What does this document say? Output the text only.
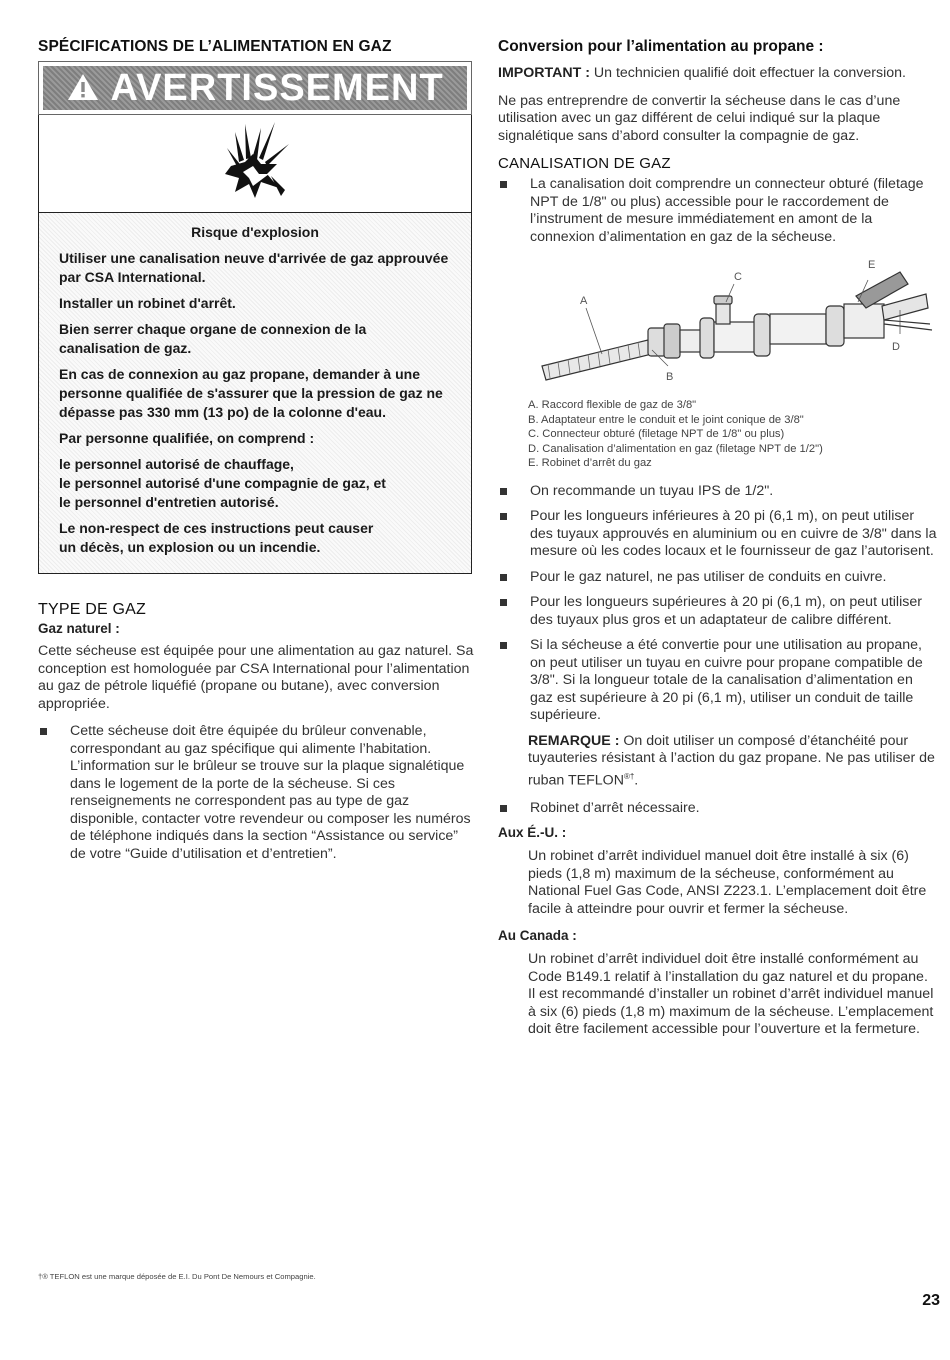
SPÉCIFICATIONS DE L’ALIMENTATION EN GAZ
AVERTISSEMENT

Risque d'explosion

Utiliser une canalisation neuve d'arrivée de gaz approuvée par CSA International.

Installer un robinet d'arrêt.

Bien serrer chaque organe de connexion de la canalisation de gaz.

En cas de connexion au gaz propane, demander à une personne qualifiée de s'assurer que la pression de gaz ne dépasse pas 330 mm (13 po) de la colonne d'eau.

Par personne qualifiée, on comprend :

le personnel autorisé de chauffage,
le personnel autorisé d'une compagnie de gaz, et
le personnel d'entretien autorisé.

Le non-respect de ces instructions peut causer
un décès, un explosion ou un incendie.

TYPE DE GAZ
Gaz naturel :

Cette sécheuse est équipée pour une alimentation au gaz naturel. Sa conception est homologuée par CSA International pour l’alimentation au gaz de pétrole liquéfié (propane ou butane), avec conversion appropriée.

Cette sécheuse doit être équipée du brûleur convenable, correspondant au gaz spécifique qui alimente l’habitation. L’information sur le brûleur se trouve sur la plaque signalétique dans le logement de la porte de la sécheuse. Si ces renseignements ne correspondent pas au type de gaz disponible, contacter votre revendeur ou composer les numéros de téléphone indiqués dans la section “Assistance ou service” de votre “Guide d’utilisation et d’entretien”.
Conversion pour l’alimentation au propane :

IMPORTANT : Un technicien qualifié doit effectuer la conversion.

Ne pas entreprendre de convertir la sécheuse dans le cas d’une utilisation avec un gaz différent de celui indiqué sur la plaque signalétique sans d’abord consulter la compagnie de gaz.

CANALISATION DE GAZ
La canalisation doit comprendre un connecteur obturé (filetage NPT de 1/8" ou plus) accessible pour le raccordement de l’instrument de mesure immédiatement en amont de la connexion d’alimentation en gaz de la sécheuse.
A
B
C
D
E
A. Raccord flexible de gaz de 3/8"
B. Adaptateur entre le conduit et le joint conique de 3/8"
C. Connecteur obturé (filetage NPT de 1/8" ou plus)
D. Canalisation d’alimentation en gaz (filetage NPT de 1/2")
E. Robinet d’arrêt du gaz
On recommande un tuyau IPS de 1/2".
Pour les longueurs inférieures à 20 pi (6,1 m), on peut utiliser des tuyaux approuvés en aluminium ou en cuivre de 3/8" dans la mesure où les codes locaux et le fournisseur de gaz l’autorisent.
Pour le gaz naturel, ne pas utiliser de conduits en cuivre.
Pour les longueurs supérieures à 20 pi (6,1 m), on peut utiliser des tuyaux plus gros et un adaptateur de calibre différent.
Si la sécheuse a été convertie pour une utilisation au propane, on peut utiliser un tuyau en cuivre pour propane compatible de 3/8". Si la longueur totale de la canalisation d’alimentation en gaz est supérieure à 20 pi (6,1 m), utiliser un conduit de taille supérieure.

REMARQUE : On doit utiliser un composé d’étanchéité pour tuyauteries résistant à l’action du gaz propane. Ne pas utiliser de ruban TEFLON®†.

Robinet d’arrêt nécessaire.
Aux É.-U. :

Un robinet d’arrêt individuel manuel doit être installé à six (6) pieds (1,8 m) maximum de la sécheuse, conformément au National Fuel Gas Code, ANSI Z223.1. L’emplacement doit être facile à atteindre pour ouvrir et fermer la sécheuse.

Au Canada :

Un robinet d’arrêt individuel doit être installé conformément au Code B149.1 relatif à l’installation du gaz naturel et du propane. Il est recommandé d’installer un robinet d’arrêt individuel manuel à six (6) pieds (1,8 m) maximum de la sécheuse. L’emplacement doit être facilement accessible pour l’ouverture et la fermeture.

†® TEFLON est une marque déposée de E.I. Du Pont De Nemours et Compagnie.
23
